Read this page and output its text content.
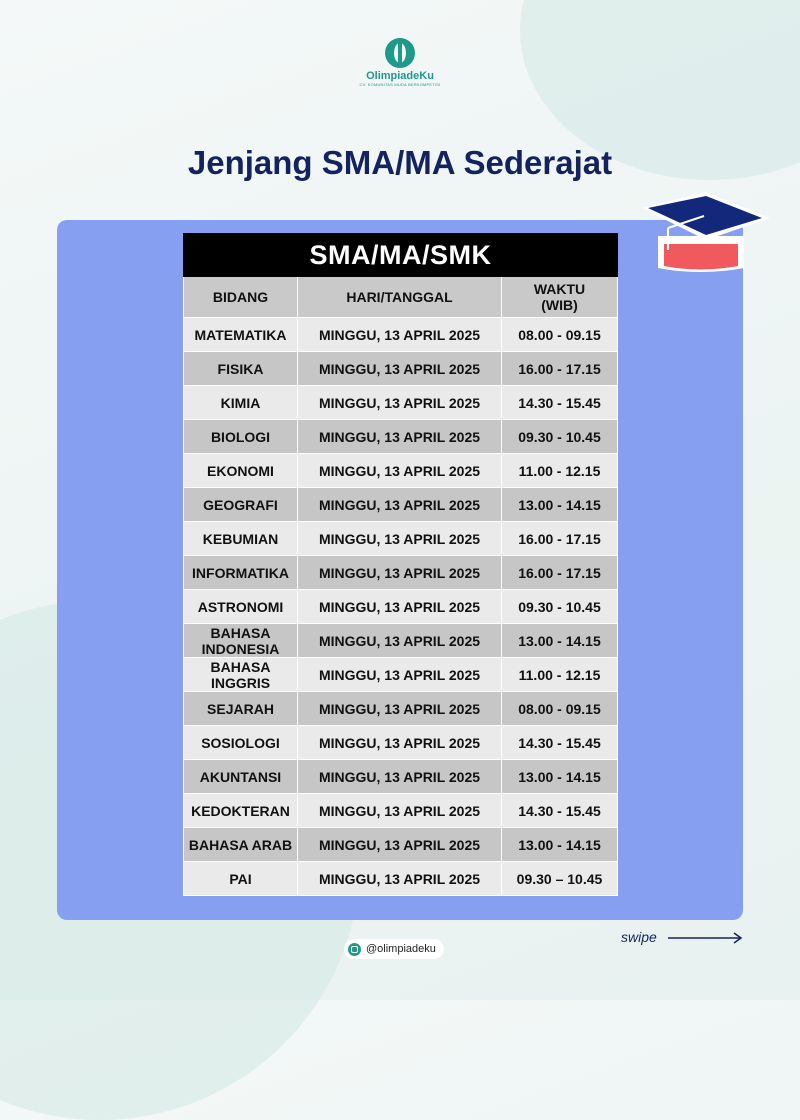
OlimpiadeKu
CV. KOMUNITAS MUDA BERKOMPETISI
Jenjang SMA/MA Sederajat
SMA/MA/SMK		
BIDANG	HARI/TANGGAL	WAKTU
(WIB)
MATEMATIKA	MINGGU, 13 APRIL 2025	08.00 - 09.15
FISIKA	MINGGU, 13 APRIL 2025	16.00 - 17.15
KIMIA	MINGGU, 13 APRIL 2025	14.30 - 15.45
BIOLOGI	MINGGU, 13 APRIL 2025	09.30 - 10.45
EKONOMI	MINGGU, 13 APRIL 2025	11.00 - 12.15
GEOGRAFI	MINGGU, 13 APRIL 2025	13.00 - 14.15
KEBUMIAN	MINGGU, 13 APRIL 2025	16.00 - 17.15
INFORMATIKA	MINGGU, 13 APRIL 2025	16.00 - 17.15
ASTRONOMI	MINGGU, 13 APRIL 2025	09.30 - 10.45
BAHASA INDONESIA	MINGGU, 13 APRIL 2025	13.00 - 14.15
BAHASA INGGRIS	MINGGU, 13 APRIL 2025	11.00 - 12.15
SEJARAH	MINGGU, 13 APRIL 2025	08.00 - 09.15
SOSIOLOGI	MINGGU, 13 APRIL 2025	14.30 - 15.45
AKUNTANSI	MINGGU, 13 APRIL 2025	13.00 - 14.15
KEDOKTERAN	MINGGU, 13 APRIL 2025	14.30 - 15.45
BAHASA ARAB	MINGGU, 13 APRIL 2025	13.00 - 14.15
PAI	MINGGU, 13 APRIL 2025	09.30 – 10.45
@olimpiadeku
swipe
